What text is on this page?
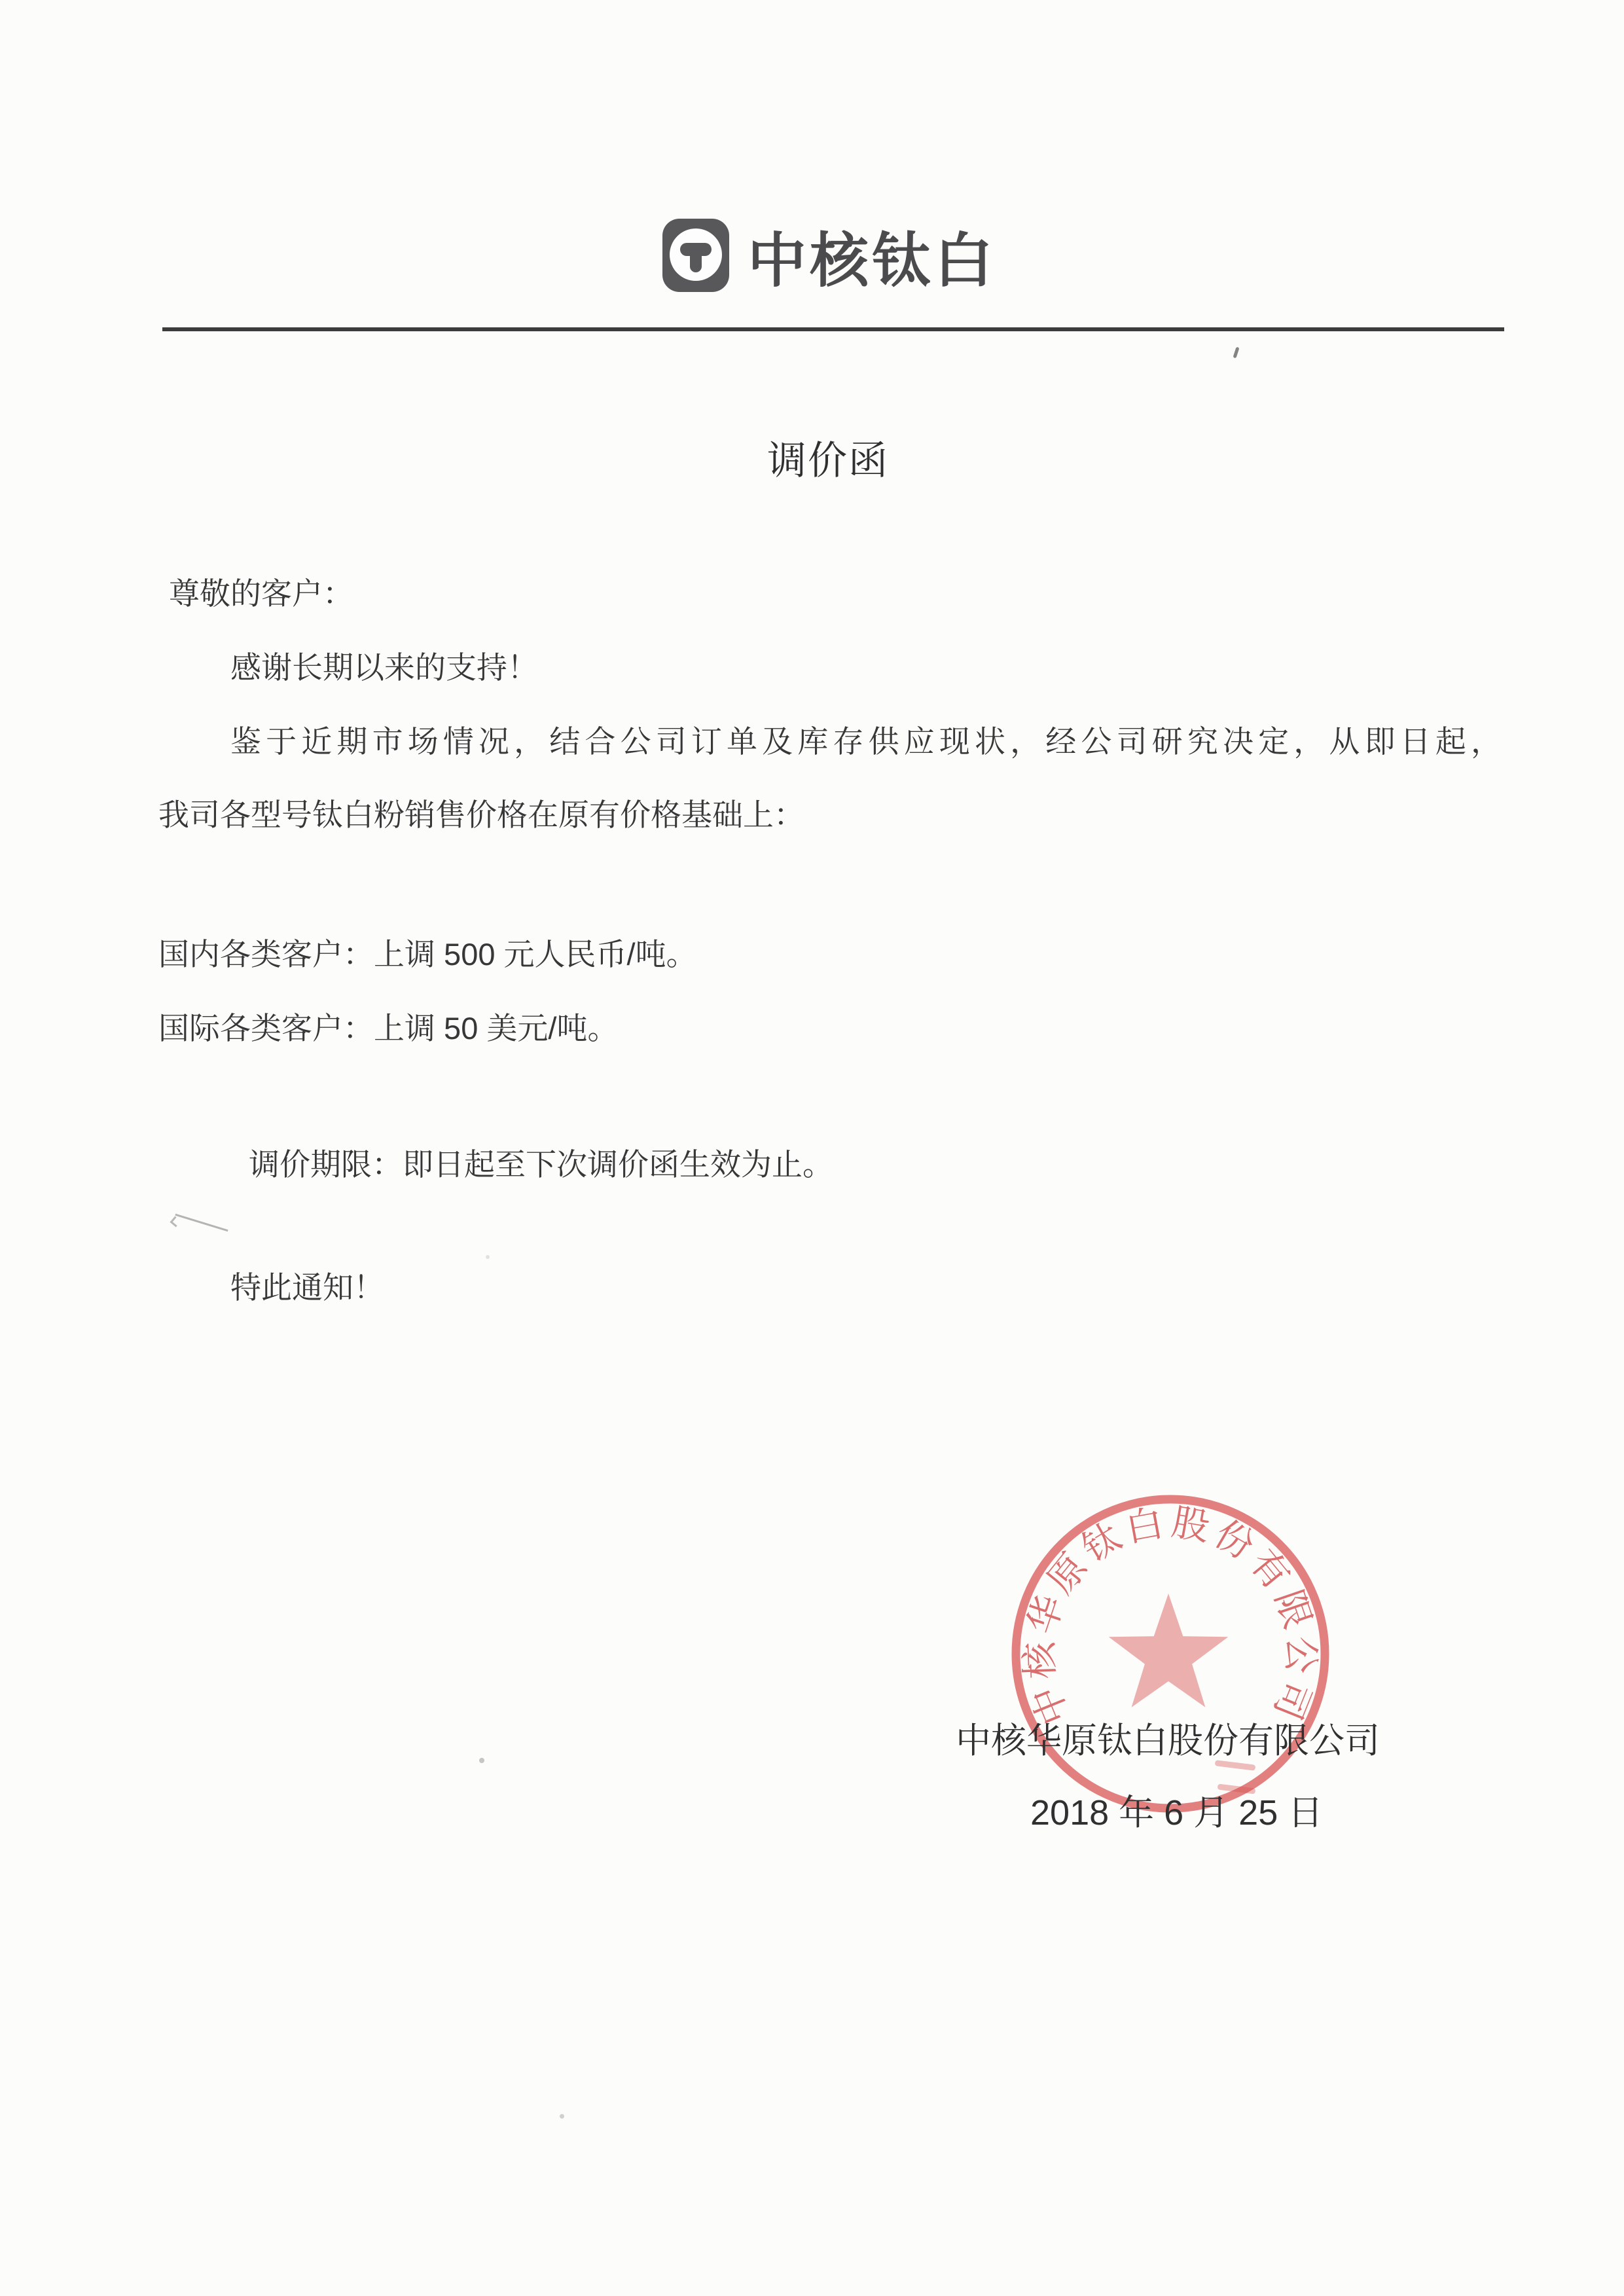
中核钛白
调价函
尊敬的客户：
感谢长期以来的支持！
鉴于近期市场情况，结合公司订单及库存供应现状，经公司研究决定，从即日起，
我司各型号钛白粉销售价格在原有价格基础上：
国内各类客户：上调 500 元人民币/吨。
国际各类客户：上调 50 美元/吨。
调价期限：即日起至下次调价函生效为止。
特此通知！
中核华原钛白股份有限公司
中核华原钛白股份有限公司
2018 年 6 月 25 日
